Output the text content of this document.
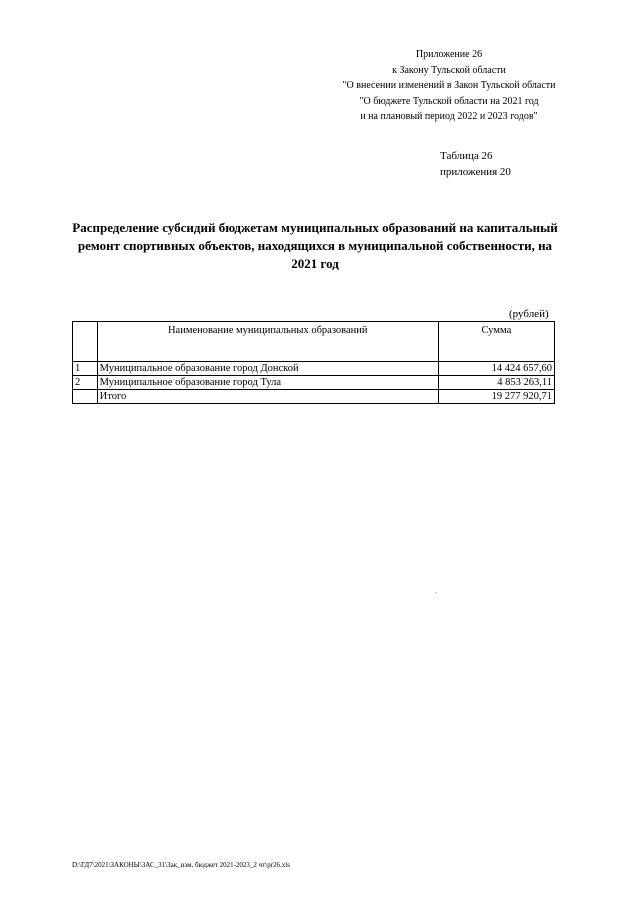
Приложение 26
к Закону Тульской области
"О внесении изменений в Закон Тульской области
"О бюджете Тульской области на 2021 год
и на плановый период 2022 и 2023 годов"
Таблица 26
приложения 20
Распределение субсидий бюджетам муниципальных образований на капитальный
ремонт спортивных объектов, находящихся в муниципальной собственности, на
2021 год
(рублей)
	Наименование муниципальных образований	Сумма
1	Муниципальное образование город Донской	14 424 657,60
2	Муниципальное образование город Тула	4 853 263,11
	Итого	19 277 920,71
D:\ГД7\2021\ЗАКОНЫ\ЗАС_31\Зак_изм. бюджет 2021-2023_2 чт\pr26.xls
